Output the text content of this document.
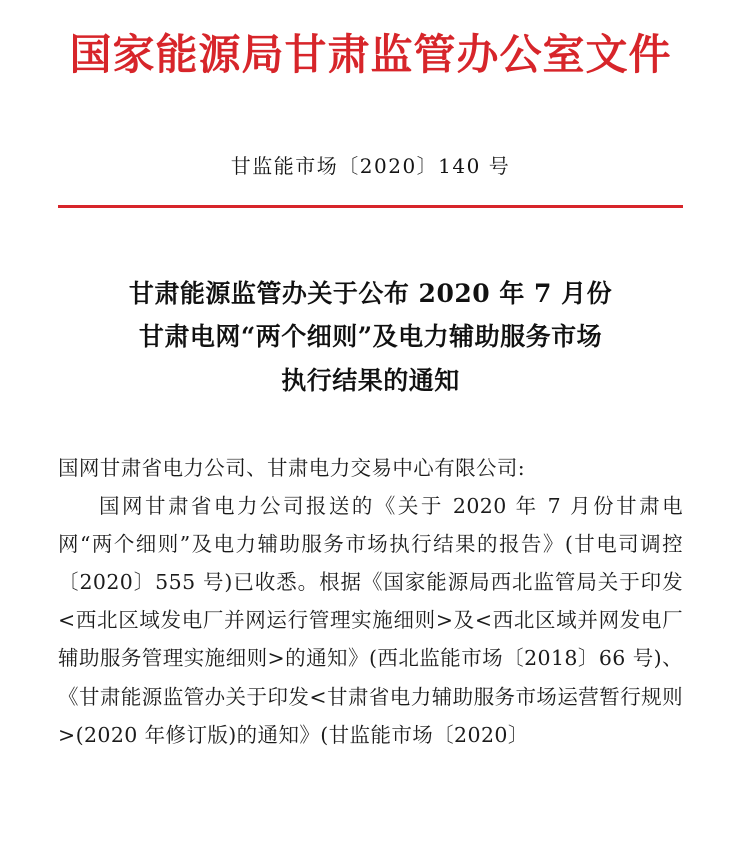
国家能源局甘肃监管办公室文件
甘监能市场〔2020〕140 号
甘肃能源监管办关于公布 2020 年 7 月份
甘肃电网“两个细则”及电力辅助服务市场
执行结果的通知
国网甘肃省电力公司、甘肃电力交易中心有限公司:
国网甘肃省电力公司报送的《关于 2020 年 7 月份甘肃电网“两个细则”及电力辅助服务市场执行结果的报告》(甘电司调控〔2020〕555 号)已收悉。根据《国家能源局西北监管局关于印发<西北区域发电厂并网运行管理实施细则>及<西北区域并网发电厂辅助服务管理实施细则>的通知》(西北监能市场〔2018〕66 号)、《甘肃能源监管办关于印发<甘肃省电力辅助服务市场运营暂行规则>(2020 年修订版)的通知》(甘监能市场〔2020〕
